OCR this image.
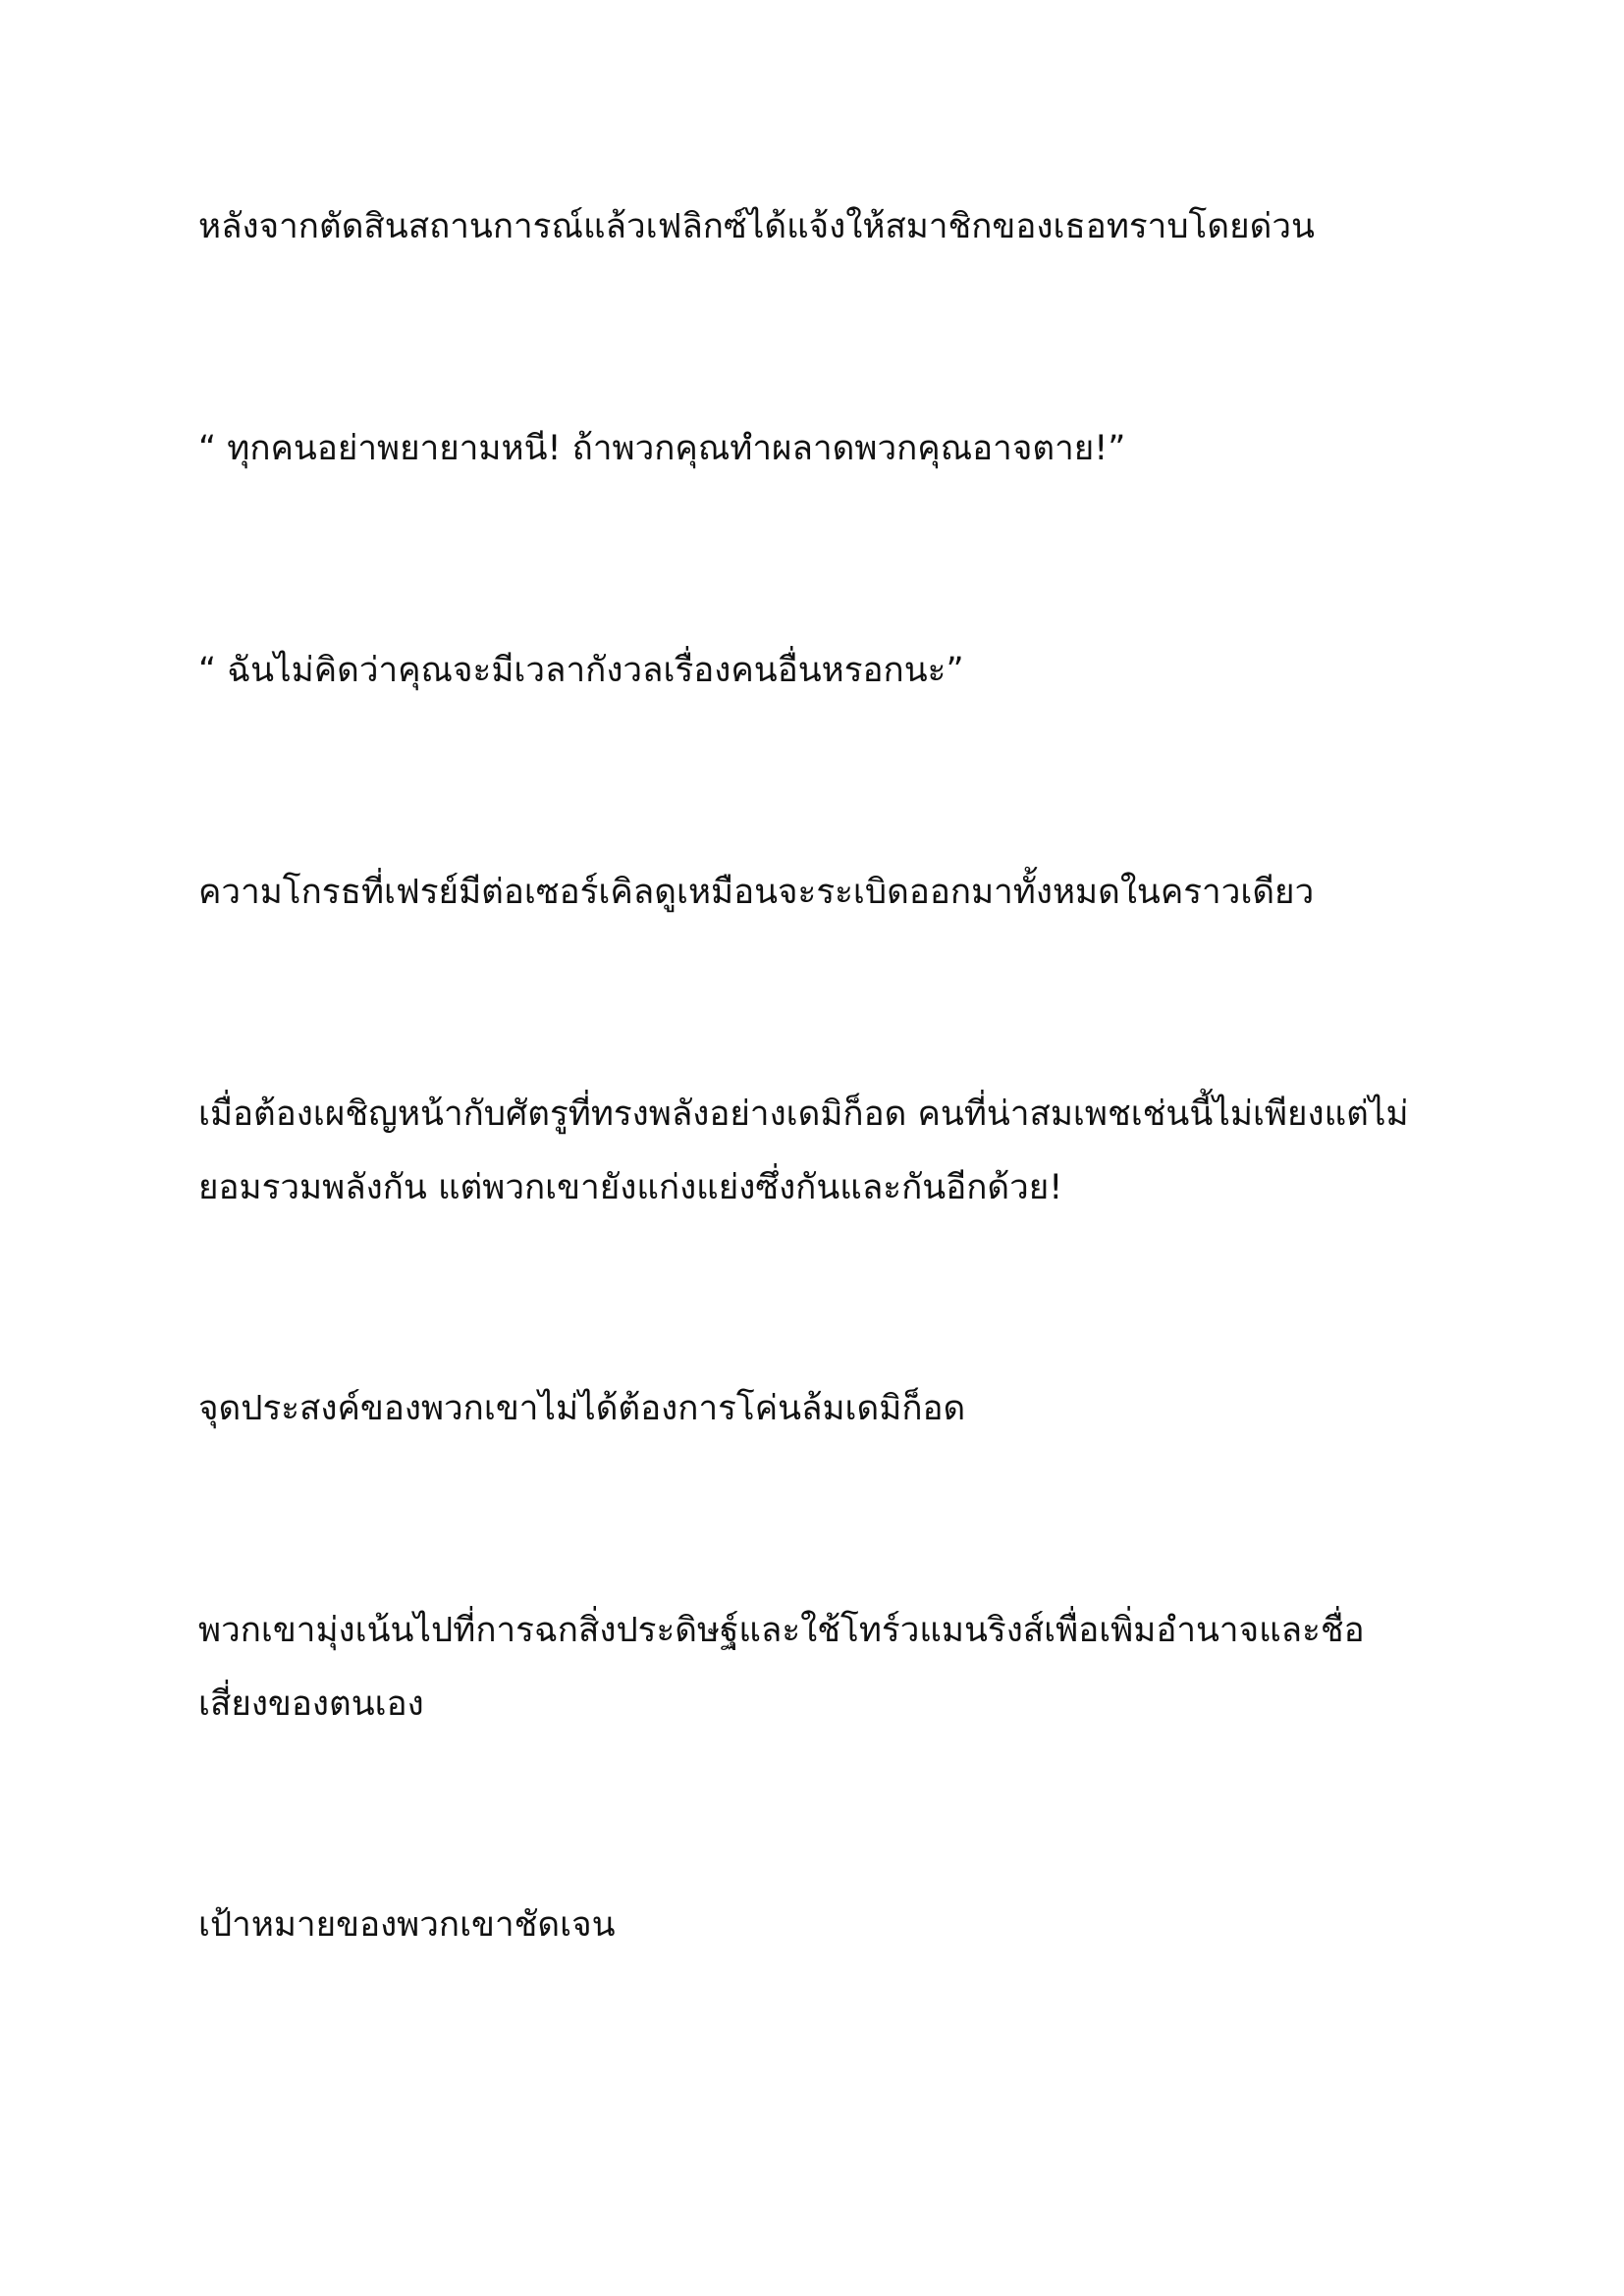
หลังจากตัดสินสถานการณ์แล้วเฟลิกซ์ได้แจ้งให้สมาชิกของเธอทราบโดยด่วน

“ ทุกคนอย่าพยายามหนี! ถ้าพวกคุณทำผลาดพวกคุณอาจตาย!”

“ ฉันไม่คิดว่าคุณจะมีเวลากังวลเรื่องคนอื่นหรอกนะ”

ความโกรธที่เฟรย์มีต่อเซอร์เคิลดูเหมือนจะระเบิดออกมาทั้งหมดในคราวเดียว

เมื่อต้องเผชิญหน้ากับศัตรูที่ทรงพลังอย่างเดมิก็อด คนที่น่าสมเพชเช่นนี้ไม่เพียงแต่ไม่ยอมรวมพลังกัน แต่พวกเขายังแก่งแย่งซึ่งกันและกันอีกด้วย!

จุดประสงค์ของพวกเขาไม่ได้ต้องการโค่นล้มเดมิก็อด

พวกเขามุ่งเน้นไปที่การฉกสิ่งประดิษฐ์และใช้โทร์วแมนริงส์เพื่อเพิ่มอำนาจและชื่อเสี่ยงของตนเอง

เป้าหมายของพวกเขาชัดเจน
